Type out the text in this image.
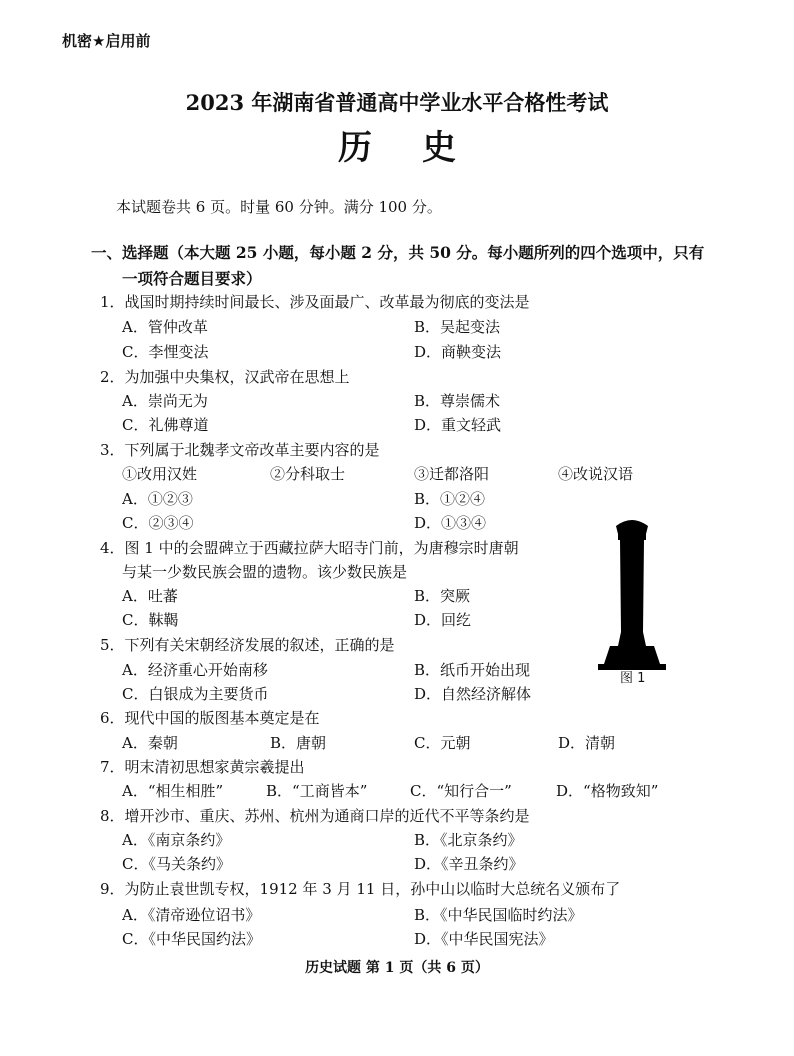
机密★启用前
2023 年湖南省普通高中学业水平合格性考试
历史
本试题卷共 6 页。时量 60 分钟。满分 100 分。
一、选择题（本大题 25 小题，每小题 2 分，共 50 分。每小题所列的四个选项中，只有
一项符合题目要求）
1．战国时期持续时间最长、涉及面最广、改革最为彻底的变法是
A．管仲改革	B．吴起变法
C．李悝变法	D．商鞅变法
2．为加强中央集权，汉武帝在思想上
A．崇尚无为	B．尊崇儒术
C．礼佛尊道	D．重文轻武
3．下列属于北魏孝文帝改革主要内容的是
①改用汉姓	②分科取士	③迁都洛阳	④改说汉语
A．①②③	B．①②④
C．②③④	D．①③④
4．图 1 中的会盟碑立于西藏拉萨大昭寺门前，为唐穆宗时唐朝
与某一少数民族会盟的遗物。该少数民族是
A．吐蕃	B．突厥
C．靺鞨	D．回纥
图 1
5．下列有关宋朝经济发展的叙述，正确的是
A．经济重心开始南移	B．纸币开始出现
C．白银成为主要货币	D．自然经济解体
6．现代中国的版图基本奠定是在
A．秦朝	B．唐朝	C．元朝	D．清朝
7．明末清初思想家黄宗羲提出
A．“相生相胜”	B．“工商皆本”	C．“知行合一”	D．“格物致知”
8．增开沙市、重庆、苏州、杭州为通商口岸的近代不平等条约是
A．《南京条约》	B．《北京条约》
C．《马关条约》	D．《辛丑条约》
9．为防止袁世凯专权，1912 年 3 月 11 日，孙中山以临时大总统名义颁布了
A．《清帝逊位诏书》	B．《中华民国临时约法》
C．《中华民国约法》	D．《中华民国宪法》
历史试题 第 1 页（共 6 页）
